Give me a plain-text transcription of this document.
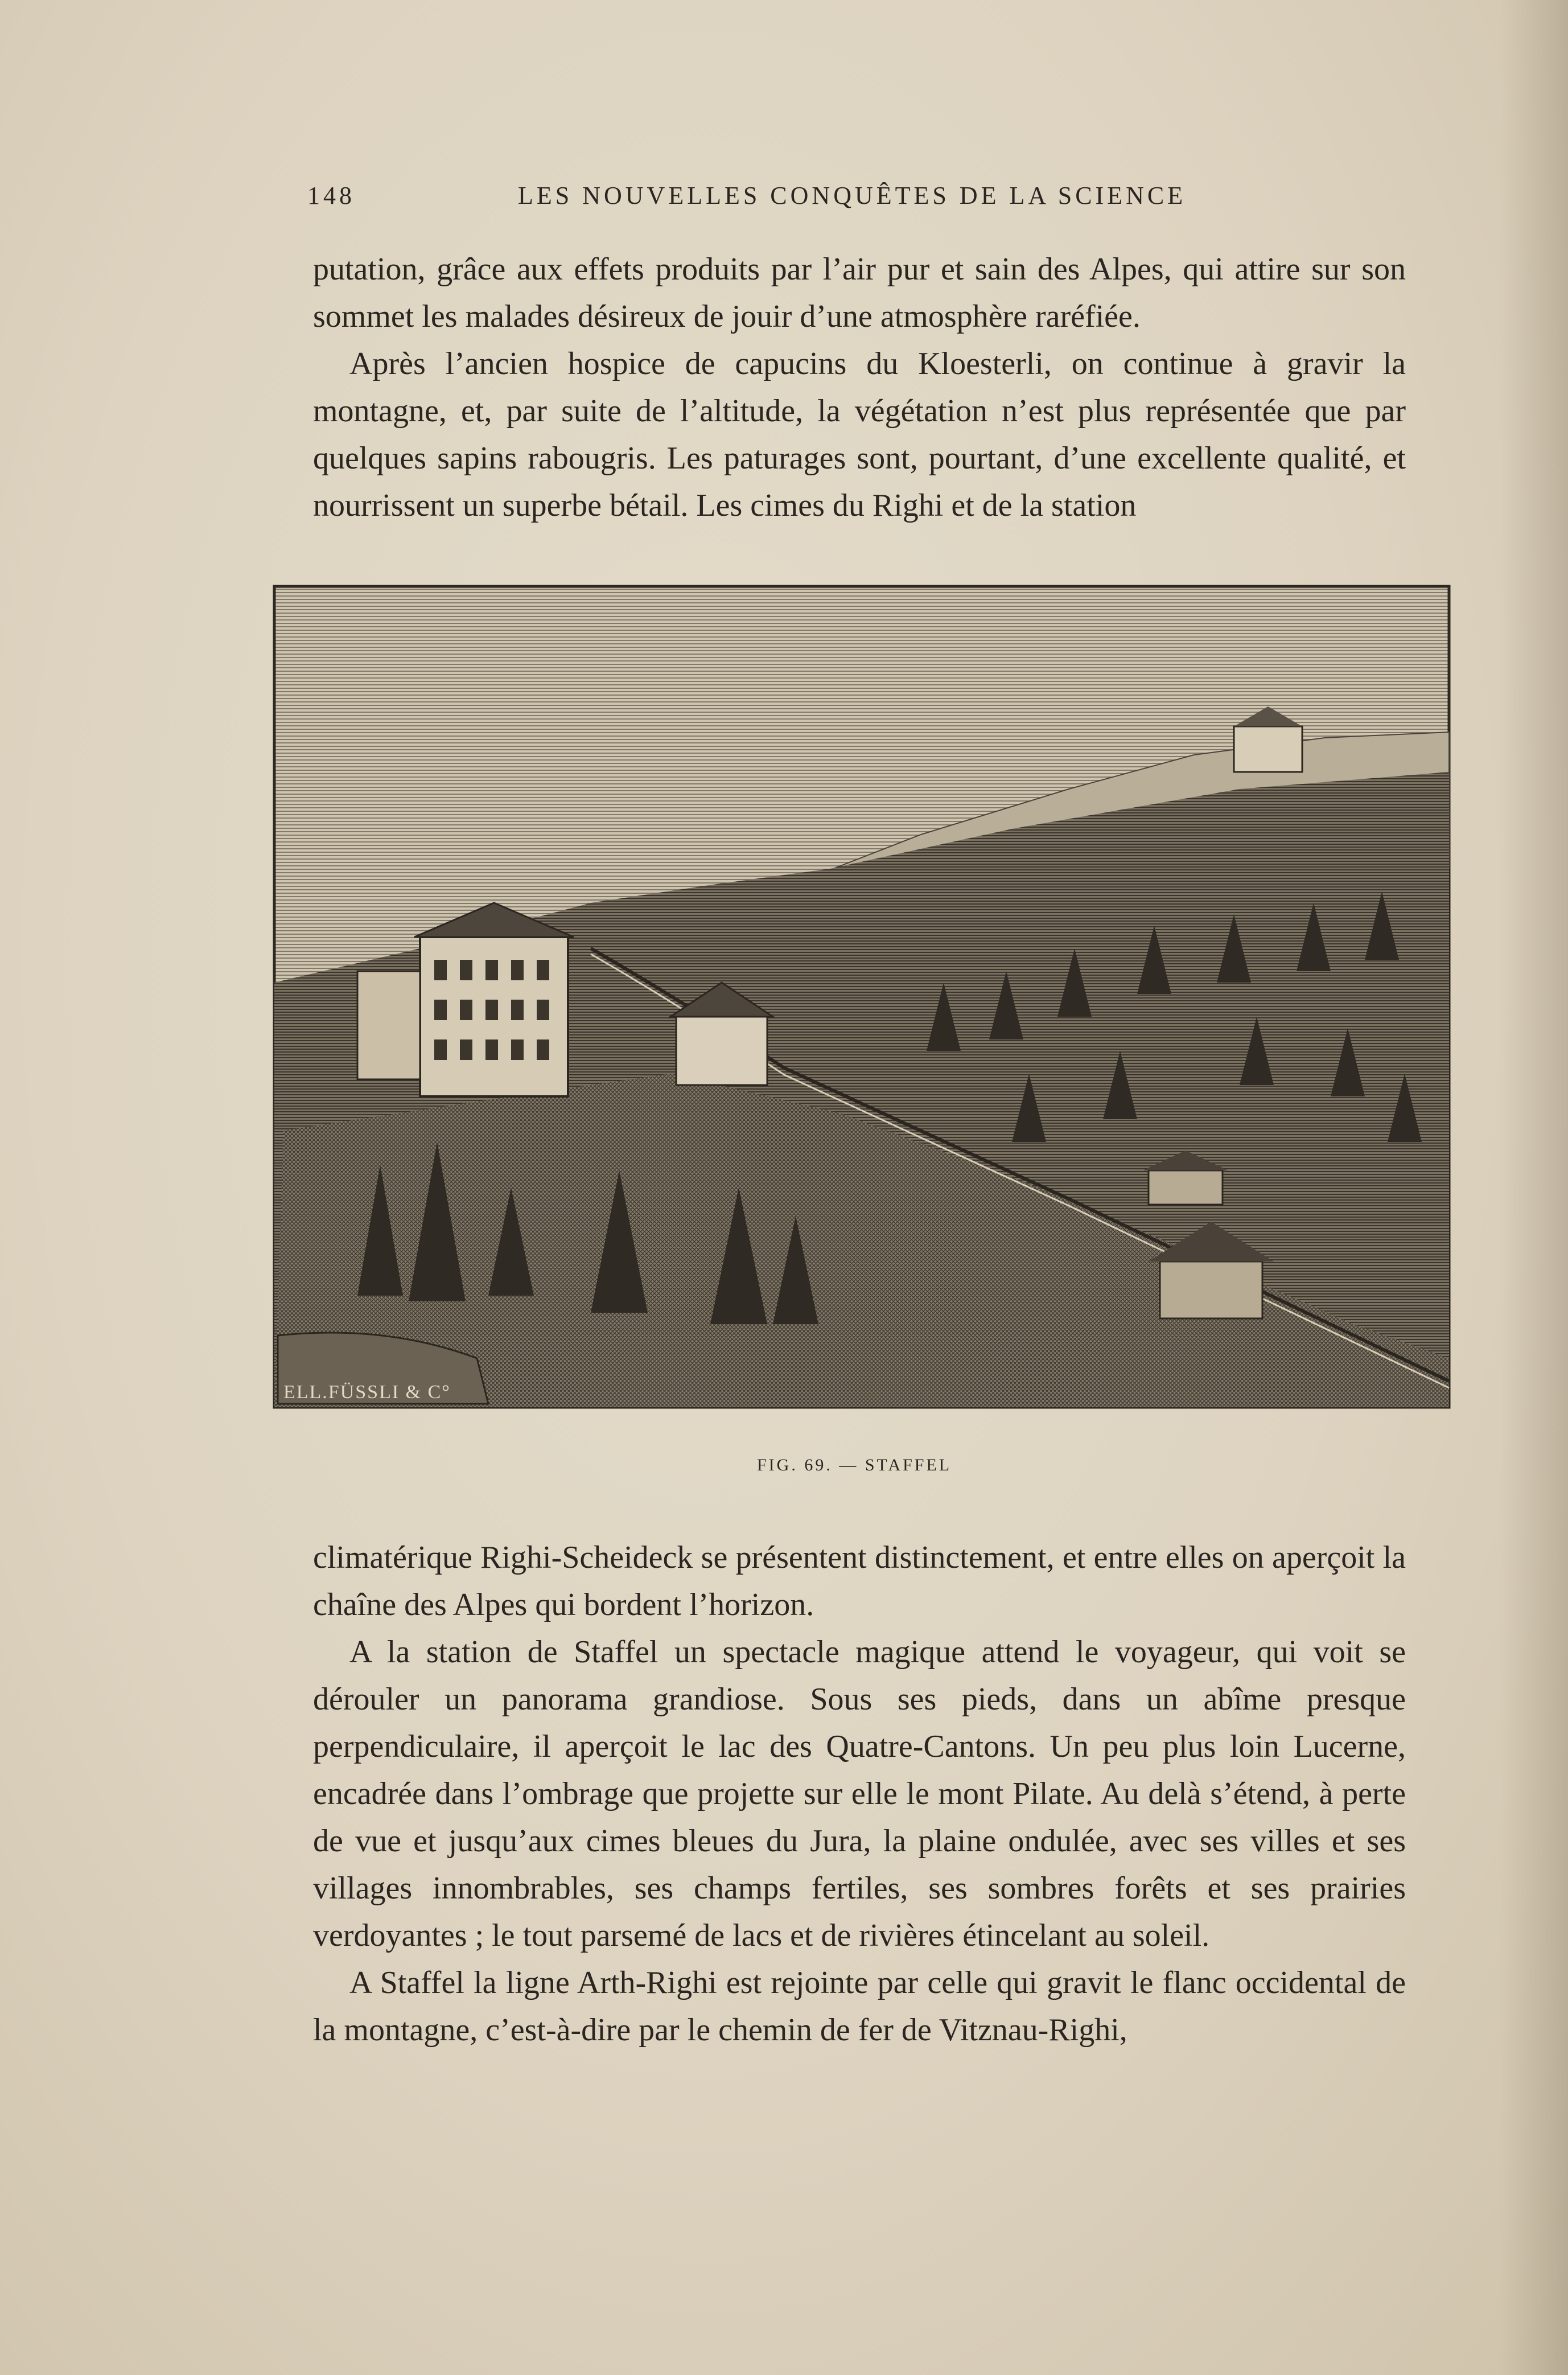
148	LES NOUVELLES CONQUÊTES DE LA SCIENCE

putation, grâce aux effets produits par l’air pur et sain des Alpes, qui attire sur son sommet les malades désireux de jouir d’une atmosphère raréfiée.

Après l’ancien hospice de capucins du Kloesterli, on continue à gravir la montagne, et, par suite de l’altitude, la végétation n’est plus représentée que par quelques sapins rabougris. Les paturages sont, pourtant, d’une excellente qualité, et nourrissent un superbe bétail. Les cimes du Righi et de la station

ELL.FÜSSLI & C°
FIG. 69. — STAFFEL

climatérique Righi-Scheideck se présentent distinctement, et entre elles on aperçoit la chaîne des Alpes qui bordent l’horizon.

A la station de Staffel un spectacle magique attend le voyageur, qui voit se dérouler un panorama grandiose. Sous ses pieds, dans un abîme presque perpendiculaire, il aperçoit le lac des Quatre-Cantons. Un peu plus loin Lucerne, encadrée dans l’ombrage que projette sur elle le mont Pilate. Au delà s’étend, à perte de vue et jusqu’aux cimes bleues du Jura, la plaine ondulée, avec ses villes et ses villages innombrables, ses champs fertiles, ses sombres forêts et ses prairies verdoyantes ; le tout parsemé de lacs et de rivières étincelant au soleil.

A Staffel la ligne Arth-Righi est rejointe par celle qui gravit le flanc occidental de la montagne, c’est-à-dire par le chemin de fer de Vitznau-Righi,
